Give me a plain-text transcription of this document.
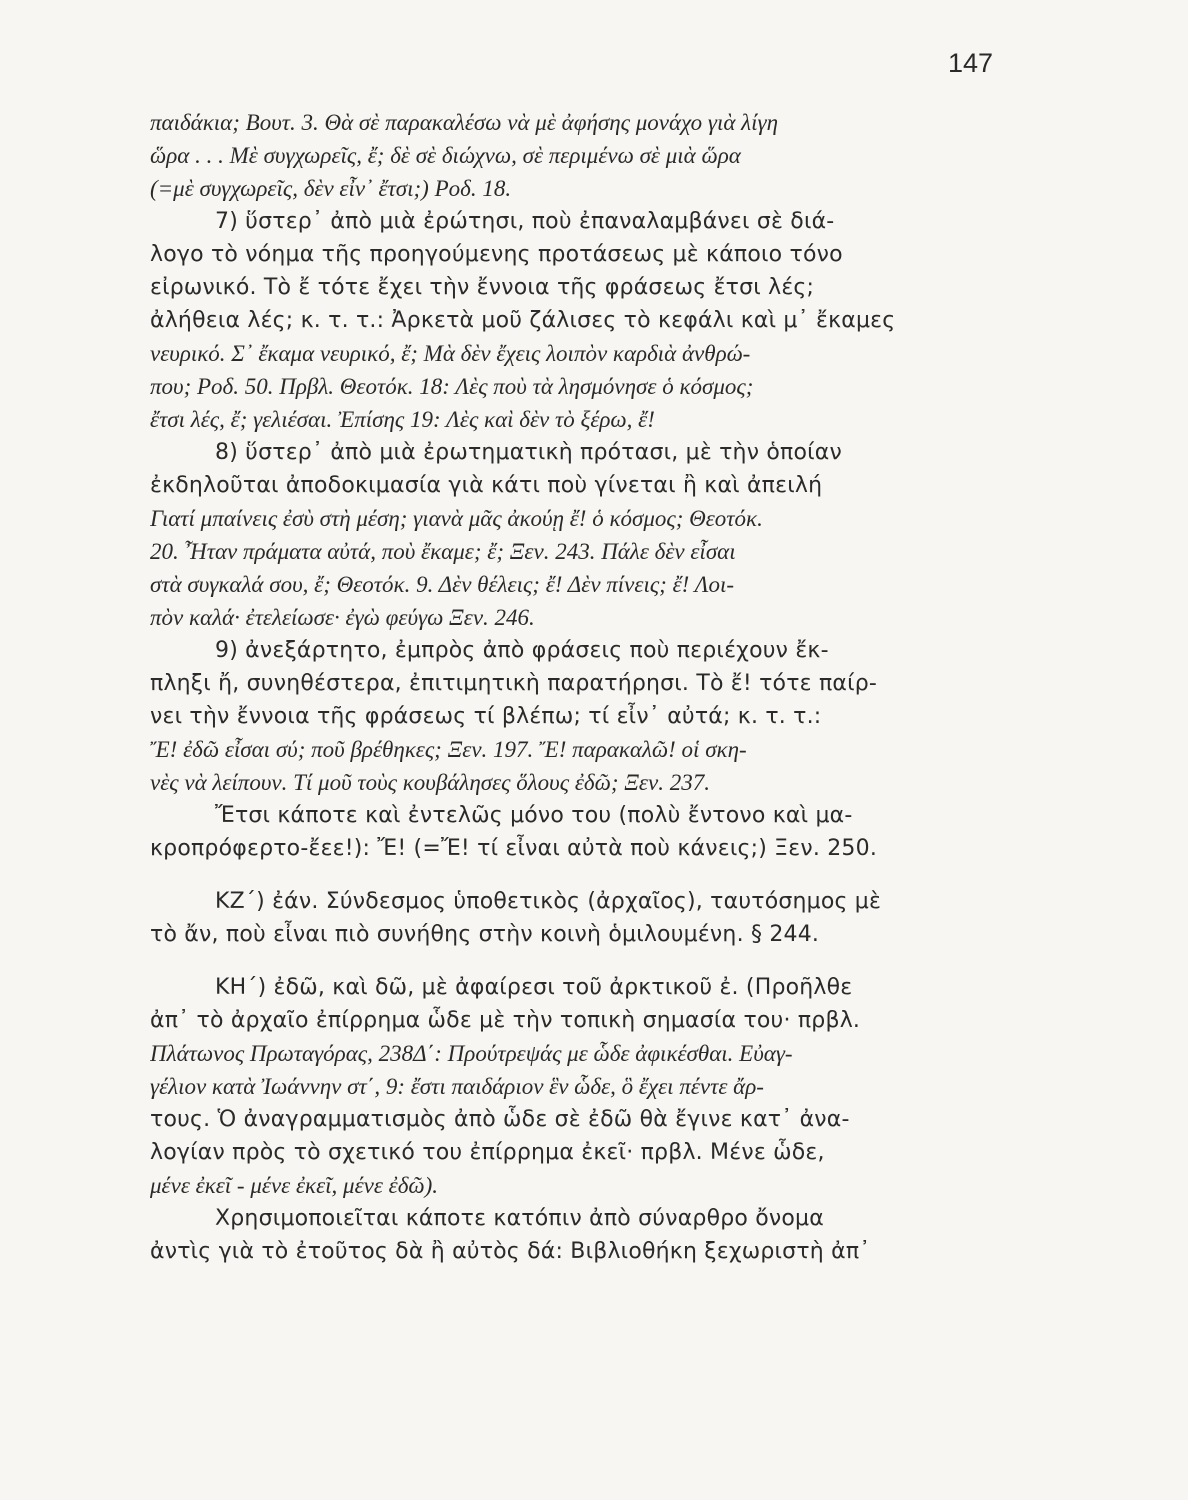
147
παιδάκια; Βουτ. 3. Θὰ σὲ παρακαλέσω νὰ μὲ ἀφήσης μονάχο γιὰ λίγη
ὥρα . . . Μὲ συγχωρεῖς, ἔ; δὲ σὲ διώχνω, σὲ περιμένω σὲ μιὰ ὥρα
(=μὲ συγχωρεῖς, δὲν εἶν᾿ ἔτσι;) Ροδ. 18.
7) ὕστερ᾿ ἀπὸ μιὰ ἐρώτησι, ποὺ ἐπαναλαμβάνει σὲ διά-
λογο τὸ νόημα τῆς προηγούμενης προτάσεως μὲ κάποιο τόνο
εἰρωνικό. Τὸ ἔ τότε ἔχει τὴν ἔννοια τῆς φράσεως ἔτσι λές;
ἀλήθεια λές; κ. τ. τ.: Ἀρκετὰ μοῦ ζάλισες τὸ κεφάλι καὶ μ᾿ ἔκαμες
νευρικό. Σ᾿ ἔκαμα νευρικό, ἔ; Μὰ δὲν ἔχεις λοιπὸν καρδιὰ ἀνθρώ-
που; Ροδ. 50. Πρβλ. Θεοτόκ. 18: Λὲς ποὺ τὰ λησμόνησε ὁ κόσμος;
ἔτσι λές, ἔ; γελιέσαι. Ἐπίσης 19: Λὲς καὶ δὲν τὸ ξέρω, ἔ!
8) ὕστερ᾿ ἀπὸ μιὰ ἐρωτηματικὴ πρότασι, μὲ τὴν ὁποίαν
ἐκδηλοῦται ἀποδοκιμασία γιὰ κάτι ποὺ γίνεται ἢ καὶ ἀπειλή
Γιατί μπαίνεις ἐσὺ στὴ μέση; γιανὰ μᾶς ἀκούῃ ἔ! ὁ κόσμος; Θεοτόκ.
20. Ἦταν πράματα αὐτά, ποὺ ἔκαμε; ἔ; Ξεν. 243. Πάλε δὲν εἶσαι
στὰ συγκαλά σου, ἔ; Θεοτόκ. 9. Δὲν θέλεις; ἔ! Δὲν πίνεις; ἔ! Λοι-
πὸν καλά· ἐτελείωσε· ἐγὼ φεύγω Ξεν. 246.
9) ἀνεξάρτητο, ἐμπρὸς ἀπὸ φράσεις ποὺ περιέχουν ἔκ-
πληξι ἤ, συνηθέστερα, ἐπιτιμητικὴ παρατήρησι. Τὸ ἔ! τότε παίρ-
νει τὴν ἔννοια τῆς φράσεως τί βλέπω; τί εἶν᾿ αὐτά; κ. τ. τ.:
Ἔ! ἐδῶ εἶσαι σύ; ποῦ βρέθηκες; Ξεν. 197. Ἔ! παρακαλῶ! οἱ σκη-
νὲς νὰ λείπουν. Τί μοῦ τοὺς κουβάλησες ὅλους ἐδῶ; Ξεν. 237.
Ἔτσι κάποτε καὶ ἐντελῶς μόνο του (πολὺ ἔντονο καὶ μα-
κροπρόφερτο-ἔεε!): Ἔ! (=Ἔ! τί εἶναι αὐτὰ ποὺ κάνεις;) Ξεν. 250.
ΚΖ΄) ἐάν. Σύνδεσμος ὑποθετικὸς (ἀρχαῖος), ταυτόσημος μὲ
τὸ ἄν, ποὺ εἶναι πιὸ συνήθης στὴν κοινὴ ὁμιλουμένη. § 244.
ΚΗ΄) ἐδῶ, καὶ δῶ, μὲ ἀφαίρεσι τοῦ ἀρκτικοῦ ἐ. (Προῆλθε
ἀπ᾿ τὸ ἀρχαῖο ἐπίρρημα ὧδε μὲ τὴν τοπικὴ σημασία του· πρβλ.
Πλάτωνος Πρωταγόρας, 238Δ΄: Προύτρεψάς με ὧδε ἀφικέσθαι. Εὐαγ-
γέλιον κατὰ Ἰωάννην στ΄, 9: ἔστι παιδάριον ἓν ὧδε, ὃ ἔχει πέντε ἄρ-
τους. Ὁ ἀναγραμματισμὸς ἀπὸ ὧδε σὲ ἐδῶ θὰ ἔγινε κατ᾿ ἀνα-
λογίαν πρὸς τὸ σχετικό του ἐπίρρημα ἐκεῖ· πρβλ. Μένε ὧδε,
μένε ἐκεῖ - μένε ἐκεῖ, μένε ἐδῶ).
Χρησιμοποιεῖται κάποτε κατόπιν ἀπὸ σύναρθρο ὄνομα
ἀντὶς γιὰ τὸ ἐτοῦτος δὰ ἢ αὐτὸς δά: Βιβλιοθήκη ξεχωριστὴ ἀπ᾿
